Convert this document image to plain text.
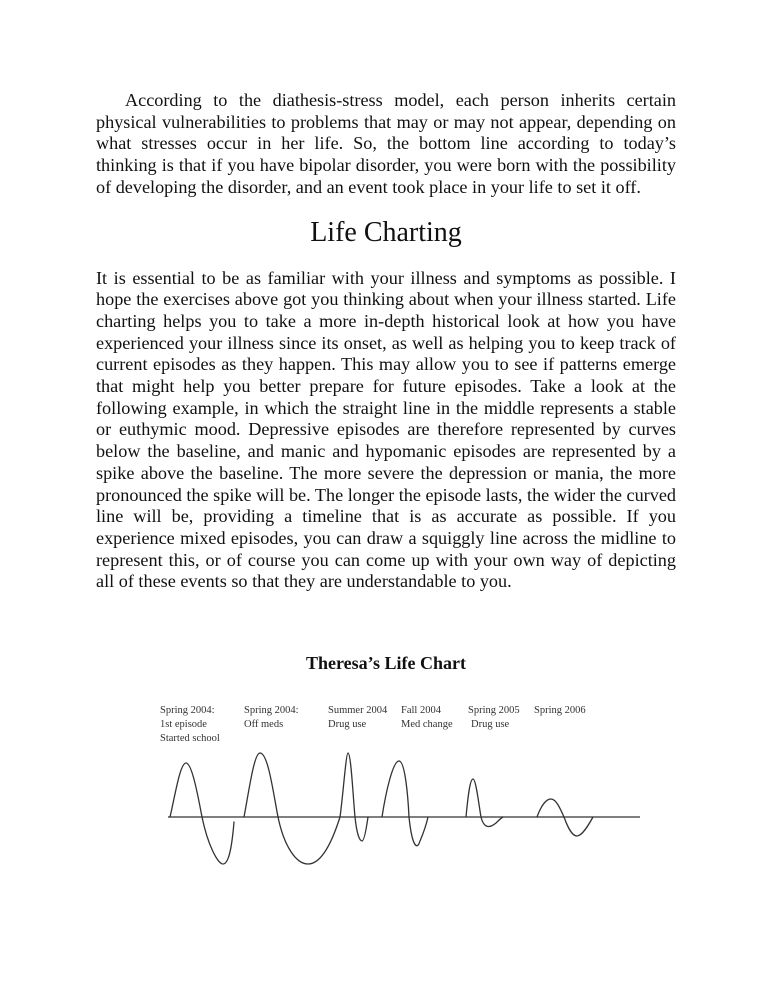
According to the diathesis-stress model, each person inherits certain physical vulnerabilities to problems that may or may not appear, depending on what stresses occur in her life. So, the bottom line according to today’s thinking is that if you have bipolar disorder, you were born with the possibility of developing the disorder, and an event took place in your life to set it off.

Life Charting

It is essential to be as familiar with your illness and symptoms as possible. I hope the exercises above got you thinking about when your illness started. Life charting helps you to take a more in-depth historical look at how you have experienced your illness since its onset, as well as helping you to keep track of current episodes as they happen. This may allow you to see if patterns emerge that might help you better prepare for future episodes. Take a look at the following example, in which the straight line in the middle represents a stable or euthymic mood. Depressive episodes are therefore represented by curves below the baseline, and manic and hypomanic episodes are represented by a spike above the baseline. The more severe the depression or mania, the more pronounced the spike will be. The longer the episode lasts, the wider the curved line will be, providing a timeline that is as accurate as possible. If you experience mixed episodes, you can draw a squiggly line across the midline to represent this, or of course you can come up with your own way of depicting all of these events so that they are understandable to you.

Theresa’s Life Chart
Spring 2004:
1st episode
Started school
Spring 2004:
Off meds
Summer 2004
Drug use
Fall 2004
Med change
Spring 2005
Drug use
Spring 2006
